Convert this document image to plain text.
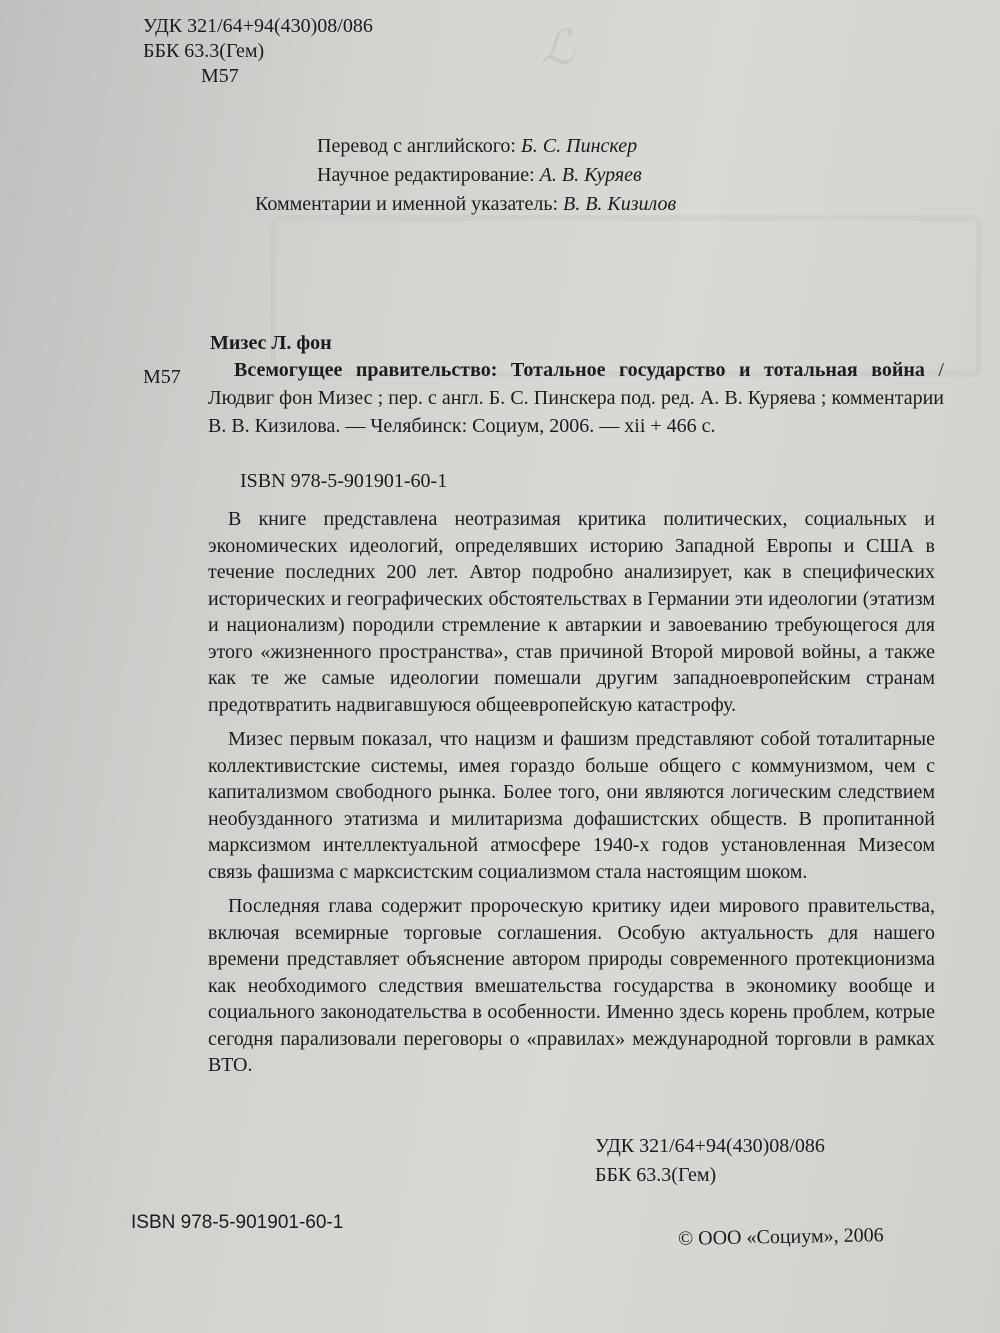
ℒ
УДК 321/64+94(430)08/086
ББК 63.3(Гем)
М57
Перевод с английского: Б. С. Пинскер
Научное редактирование: А. В. Куряев
Комментарии и именной указатель: В. В. Кизилов
Мизес Л. фон
М57	Всемогущее правительство: Тотальное государство и тотальная война / Людвиг фон Мизес ; пер. с англ. Б. С. Пинскера под. ред. А. В. Куряева ; комментарии В. В. Кизилова. — Челябинск: Социум, 2006. — xii + 466 с.
ISBN 978-5-901901-60-1

В книге представлена неотразимая критика политических, социальных и экономических идеологий, определявших историю Западной Европы и США в течение последних 200 лет. Автор подробно анализирует, как в специфических исторических и географических обстоятельствах в Германии эти идеологии (этатизм и национализм) породили стремление к автаркии и завоеванию требующегося для этого «жизненного пространства», став причиной Второй мировой войны, а также как те же самые идеологии помешали другим западноевропейским странам предотвратить надвигавшуюся общеевропейскую катастрофу.

Мизес первым показал, что нацизм и фашизм представляют собой тоталитарные коллективистские системы, имея гораздо больше общего с коммунизмом, чем с капитализмом свободного рынка. Более того, они являются логическим следствием необузданного этатизма и милитаризма дофашистских обществ. В пропитанной марксизмом интеллектуальной атмосфере 1940-х годов установленная Мизесом связь фашизма с марксистским социализмом стала настоящим шоком.

Последняя глава содержит пророческую критику идеи мирового правительства, включая всемирные торговые соглашения. Особую актуальность для нашего времени представляет объяснение автором природы современного протекционизма как необходимого следствия вмешательства государства в экономику вообще и социального законодательства в особенности. Именно здесь корень проблем, котрые сегодня парализовали переговоры о «правилах» международной торговли в рамках ВТО.

УДК 321/64+94(430)08/086
ББК 63.3(Гем)
ISBN 978-5-901901-60-1
© ООО «Социум», 2006
